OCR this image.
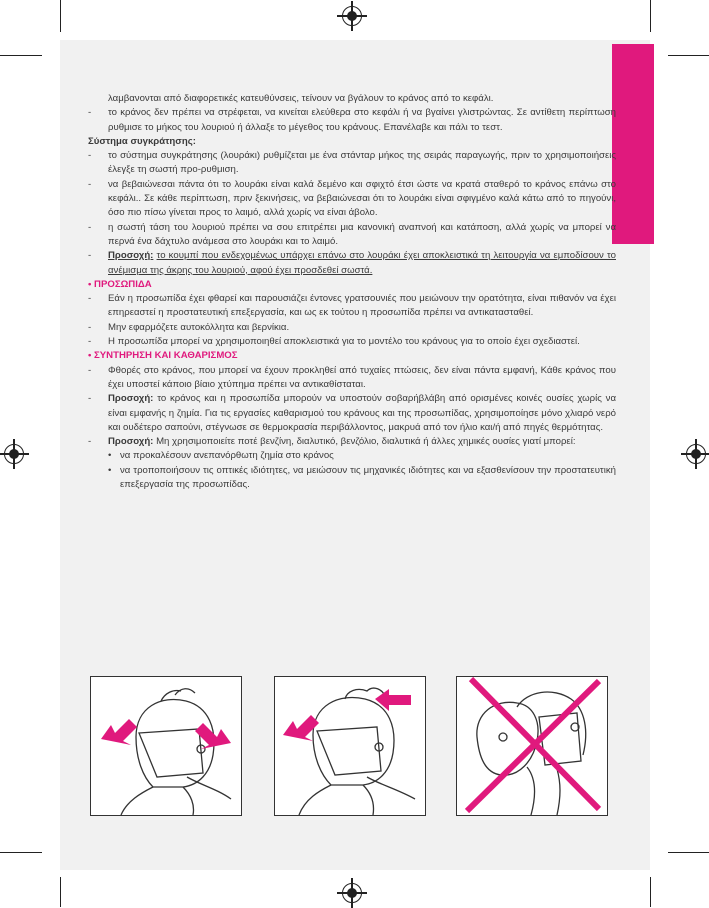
λαμβανονται από διαφορετικές κατευθύνσεις, τείνουν να βγάλουν το κράνος από το κεφάλι.

- το κράνος δεν πρέπει να στρέφεται, να κινείται ελεύθερα στο κεφάλι ή να βγαίνει γλιστρώντας. Σε αντίθετη περίπτωση ρυθμισε το μήκος του λουριού ή άλλαξε το μέγεθος του κράνους. Επανέλαβε και πάλι το τεστ.

Σύστημα συγκράτησης:

- το σύστημα συγκράτησης (λουράκι) ρυθμίζεται με ένα στάνταρ μήκος της σειράς παραγωγής, πριν το χρησιμοποιήσεις έλεγξε τη σωστή προ-ρυθμιση.

- να βεβαιώνεσαι πάντα ότι το λουράκι είναι καλά δεμένο και σφιχτό έτσι ώστε να κρατά σταθερό το κράνος επάνω στο κεφάλι.. Σε κάθε περίπτωση, πριν ξεκινήσεις, να βεβαιώνεσαι ότι το λουράκι είναι σφιγμένο καλά κάτω από το πηγούνι, όσο πιο πίσω γίνεται προς το λαιμό, αλλά χωρίς να είναι άβολο.

- η σωστή τάση του λουριού πρέπει να σου επιτρέπει μια κανονική αναπνοή και κατάποση, αλλά χωρίς να μπορεί να περνά ένα δάχτυλο ανάμεσα στο λουράκι και το λαιμό.

- Προσοχή: το κουμπί που ενδεχομένως υπάρχει επάνω στο λουράκι έχει αποκλειστικά τη λειτουργία να εμποδίσουν το ανέμισμα της άκρης του λουριού, αφού έχει προσδεθεί σωστά.

• ΠΡΟΣΩΠΙΔΑ

- Εάν η προσωπίδα έχει φθαρεί και παρουσιάζει έντονες γρατσουνιές που μειώνουν την ορατότητα, είναι πιθανόν να έχει επηρεαστεί η προστατευτική επεξεργασία, και ως εκ τούτου η προσωπίδα πρέπει να αντικατασταθεί.

- Μην εφαρμόζετε αυτοκόλλητα και βερνίκια.

- Η προσωπίδα μπορεί να χρησιμοποιηθεί αποκλειστικά για το μοντέλο του κράνους για το οποίο έχει σχεδιαστεί.

• ΣΥΝΤΗΡΗΣΗ ΚΑΙ ΚΑΘΑΡΙΣΜΟΣ

- Φθορές στο κράνος, που μπορεί να έχουν προκληθεί από τυχαίες πτώσεις, δεν είναι πάντα εμφανή, Κάθε κράνος που έχει υποστεί κάποιο βίαιο χτύπημα πρέπει να αντικαθίσταται.

- Προσοχή: το κράνος και η προσωπίδα μπορούν να υποστούν σοβαρήβλάβη από ορισμένες κοινές ουσίες χωρίς να είναι εμφανής η ζημία. Για τις εργασίες καθαρισμού του κράνους και της προσωπίδας, χρησιμοποίησε μόνο χλιαρό νερό και ουδέτερο σαπούνι, στέγνωσε σε θερμοκρασία περιβάλλοντος, μακρυά από τον ήλιο και/ή από πηγές θερμότητας.

- Προσοχή: Μη χρησιμοποιείτε ποτέ βενζίνη, διαλυτικό, βενζόλιο, διαλυτικά ή άλλες χημικές ουσίες γιατί μπορεί:

• να προκαλέσουν ανεπανόρθωτη ζημία στο κράνος

• να τροποποιήσουν τις οπτικές ιδιότητες, να μειώσουν τις μηχανικές ιδιότητες και να εξασθενίσουν την προστατευτική επεξεργασία της προσωπίδας.
